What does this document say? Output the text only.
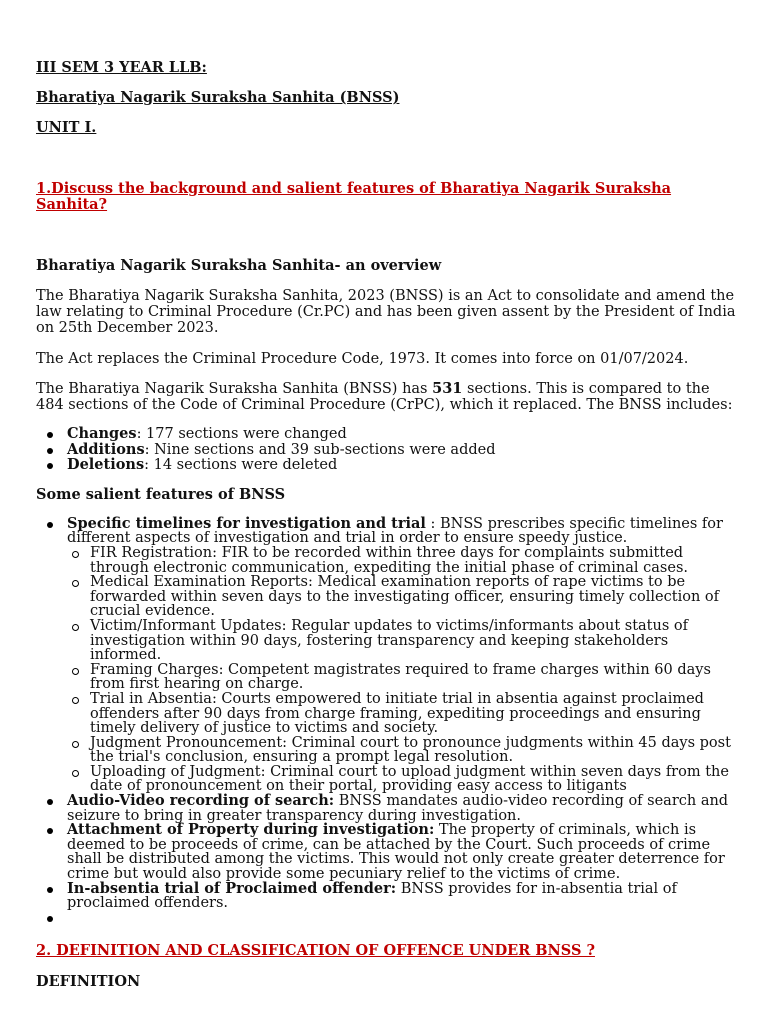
III SEM 3 YEAR LLB:

Bharatiya Nagarik Suraksha Sanhita (BNSS)

UNIT I.

1.Discuss the background and salient features of Bharatiya Nagarik Suraksha Sanhita?

Bharatiya Nagarik Suraksha Sanhita- an overview

The Bharatiya Nagarik Suraksha Sanhita, 2023 (BNSS) is an Act to consolidate and amend the law relating to Criminal Procedure (Cr.PC) and has been given assent by the President of India on 25th December 2023.

The Act replaces the Criminal Procedure Code, 1973. It comes into force on 01/07/2024.

The Bharatiya Nagarik Suraksha Sanhita (BNSS) has 531 sections. This is compared to the 484 sections of the Code of Criminal Procedure (CrPC), which it replaced. The BNSS includes:

Changes: 177 sections were changed
Additions: Nine sections and 39 sub-sections were added
Deletions: 14 sections were deleted

Some salient features of BNSS

Specific timelines for investigation and trial : BNSS prescribes specific timelines for different aspects of investigation and trial in order to ensure speedy justice.
FIR Registration: FIR to be recorded within three days for complaints submitted through electronic communication, expediting the initial phase of criminal cases.
Medical Examination Reports: Medical examination reports of rape victims to be forwarded within seven days to the investigating officer, ensuring timely collection of crucial evidence.
Victim/Informant Updates: Regular updates to victims/informants about status of investigation within 90 days, fostering transparency and keeping stakeholders informed.
Framing Charges: Competent magistrates required to frame charges within 60 days from first hearing on charge.
Trial in Absentia: Courts empowered to initiate trial in absentia against proclaimed offenders after 90 days from charge framing, expediting proceedings and ensuring timely delivery of justice to victims and society.
Judgment Pronouncement: Criminal court to pronounce judgments within 45 days post the trial's conclusion, ensuring a prompt legal resolution.
Uploading of Judgment: Criminal court to upload judgment within seven days from the date of pronouncement on their portal, providing easy access to litigants
Audio-Video recording of search: BNSS mandates audio-video recording of search and seizure to bring in greater transparency during investigation.
Attachment of Property during investigation: The property of criminals, which is deemed to be proceeds of crime, can be attached by the Court. Such proceeds of crime shall be distributed among the victims. This would not only create greater deterrence for crime but would also provide some pecuniary relief to the victims of crime.
In-absentia trial of Proclaimed offender: BNSS provides for in-absentia trial of proclaimed offenders.

2. DEFINITION AND CLASSIFICATION OF OFFENCE UNDER BNSS ?

DEFINITION
